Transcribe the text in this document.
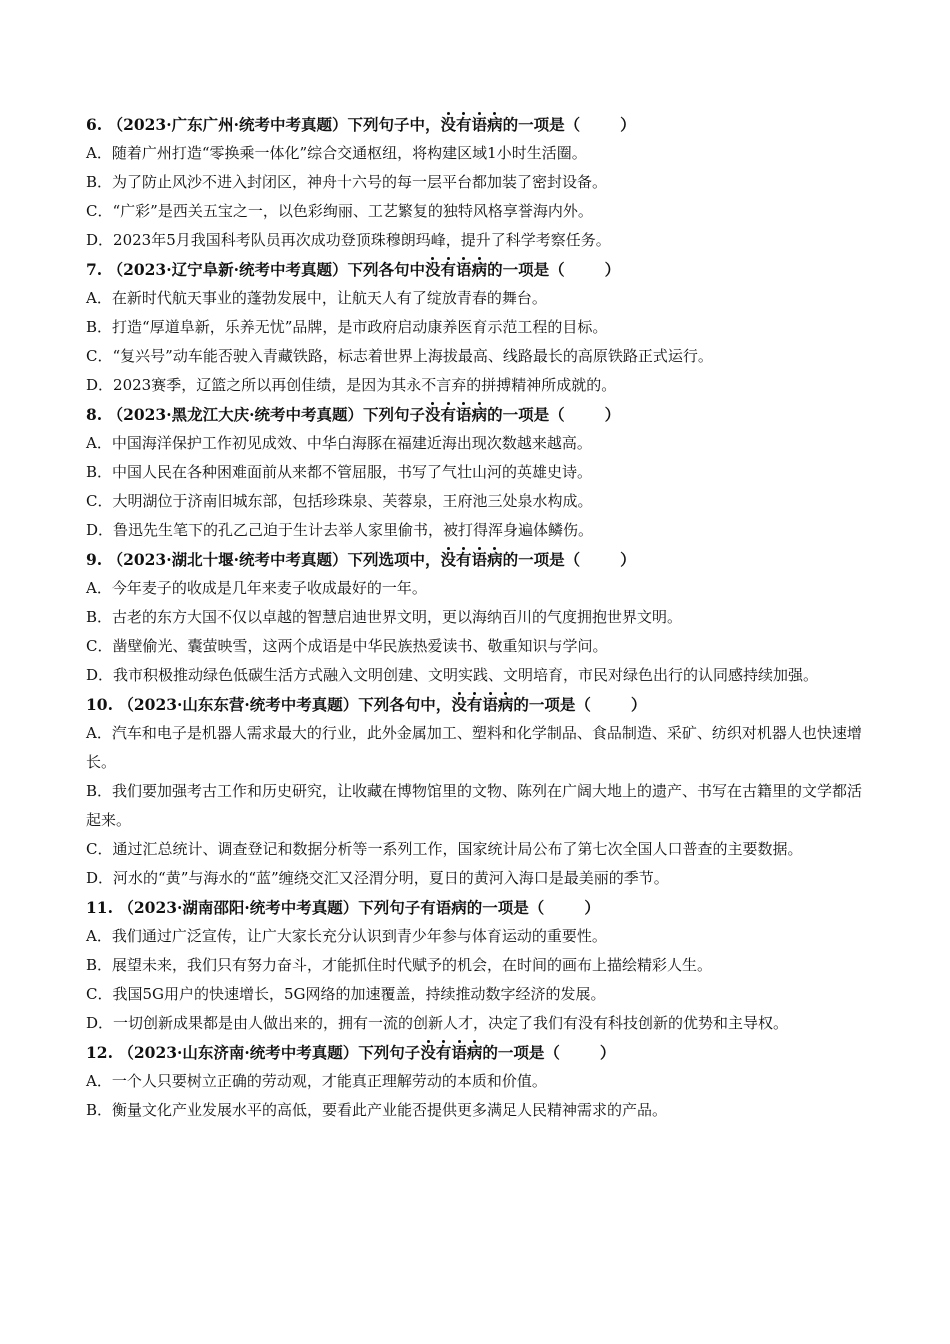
6. （2023·广东广州·统考中考真题）下列句子中，没有语病的一项是（	）

A．随着广州打造“零换乘一体化”综合交通枢纽，将构建区域1小时生活圈。

B．为了防止风沙不进入封闭区，神舟十六号的每一层平台都加装了密封设备。

C．“广彩”是西关五宝之一，以色彩绚丽、工艺繁复的独特风格享誉海内外。

D．2023年5月我国科考队员再次成功登顶珠穆朗玛峰，提升了科学考察任务。

7. （2023·辽宁阜新·统考中考真题）下列各句中没有语病的一项是（	）

A．在新时代航天事业的蓬勃发展中，让航天人有了绽放青春的舞台。

B．打造“厚道阜新，乐养无忧”品牌，是市政府启动康养医育示范工程的目标。

C．“复兴号”动车能否驶入青藏铁路，标志着世界上海拔最高、线路最长的高原铁路正式运行。

D．2023赛季，辽篮之所以再创佳绩，是因为其永不言弃的拼搏精神所成就的。

8. （2023·黑龙江大庆·统考中考真题）下列句子没有语病的一项是（	）

A．中国海洋保护工作初见成效、中华白海豚在福建近海出现次数越来越高。

B．中国人民在各种困难面前从来都不管屈服，书写了气壮山河的英雄史诗。

C．大明湖位于济南旧城东部，包括珍珠泉、芙蓉泉，王府池三处泉水构成。

D．鲁迅先生笔下的孔乙己迫于生计去举人家里偷书，被打得浑身遍体鳞伤。

9. （2023·湖北十堰·统考中考真题）下列选项中，没有语病的一项是（	）

A．今年麦子的收成是几年来麦子收成最好的一年。

B．古老的东方大国不仅以卓越的智慧启迪世界文明，更以海纳百川的气度拥抱世界文明。

C．凿壁偷光、囊萤映雪，这两个成语是中华民族热爱读书、敬重知识与学问。

D．我市积极推动绿色低碳生活方式融入文明创建、文明实践、文明培育，市民对绿色出行的认同感持续加强。

10. （2023·山东东营·统考中考真题）下列各句中，没有语病的一项是（	）

A．汽车和电子是机器人需求最大的行业，此外金属加工、塑料和化学制品、食品制造、采矿、纺织对机器人也快速增长。

B．我们要加强考古工作和历史研究，让收藏在博物馆里的文物、陈列在广阔大地上的遗产、书写在古籍里的文学都活起来。

C．通过汇总统计、调查登记和数据分析等一系列工作，国家统计局公布了第七次全国人口普查的主要数据。

D．河水的“黄”与海水的“蓝”缠绕交汇又泾渭分明，夏日的黄河入海口是最美丽的季节。

11. （2023·湖南邵阳·统考中考真题）下列句子有语病的一项是（	）

A．我们通过广泛宣传，让广大家长充分认识到青少年参与体育运动的重要性。

B．展望未来，我们只有努力奋斗，才能抓住时代赋予的机会，在时间的画布上描绘精彩人生。

C．我国5G用户的快速增长，5G网络的加速覆盖，持续推动数字经济的发展。

D．一切创新成果都是由人做出来的，拥有一流的创新人才，决定了我们有没有科技创新的优势和主导权。

12. （2023·山东济南·统考中考真题）下列句子没有语病的一项是（	）

A．一个人只要树立正确的劳动观，才能真正理解劳动的本质和价值。

B．衡量文化产业发展水平的高低，要看此产业能否提供更多满足人民精神需求的产品。
